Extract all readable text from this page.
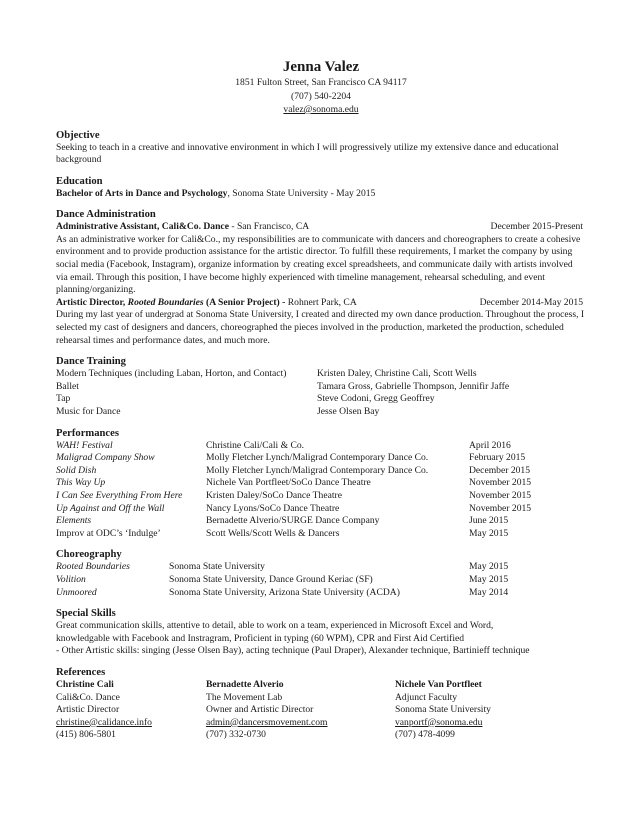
Jenna Valez
1851 Fulton Street, San Francisco CA 94117
(707) 540-2204
valez@sonoma.edu
Objective

Seeking to teach in a creative and innovative environment in which I will progressively utilize my extensive dance and educational background

Education

Bachelor of Arts in Dance and Psychology, Sonoma State University - May 2015

Dance Administration
Administrative Assistant, Cali&Co. Dance - San Francisco, CA	December 2015-Present

As an administrative worker for Cali&Co., my responsibilities are to communicate with dancers and choreographers to create a cohesive environment and to provide production assistance for the artistic director. To fulfill these requirements, I market the company by using social media (Facebook, Instagram), organize information by creating excel spreadsheets, and communicate daily with artists involved via email. Through this position, I have become highly experienced with timeline management, rehearsal scheduling, and event planning/organizing.

Artistic Director, Rooted Boundaries (A Senior Project) - Rohnert Park, CA	December 2014-May 2015

During my last year of undergrad at Sonoma State University, I created and directed my own dance production. Throughout the process, I selected my cast of designers and dancers, choreographed the pieces involved in the production, marketed the production, scheduled rehearsal times and performance dates, and much more.

Dance Training
Modern Techniques (including Laban, Horton, and Contact)	Kristen Daley, Christine Cali, Scott Wells
Ballet	Tamara Gross, Gabrielle Thompson, Jennifir Jaffe
Tap	Steve Codoni, Gregg Geoffrey
Music for Dance	Jesse Olsen Bay
Performances
WAH! Festival	Christine Cali/Cali & Co.	April 2016
Maligrad Company Show	Molly Fletcher Lynch/Maligrad Contemporary Dance Co.	February 2015
Solid Dish	Molly Fletcher Lynch/Maligrad Contemporary Dance Co.	December 2015
This Way Up	Nichele Van Portfleet/SoCo Dance Theatre	November 2015
I Can See Everything From Here	Kristen Daley/SoCo Dance Theatre	November 2015
Up Against and Off the Wall	Nancy Lyons/SoCo Dance Theatre	November 2015
Elements	Bernadette Alverio/SURGE Dance Company	June 2015
Improv at ODC’s ‘Indulge’	Scott Wells/Scott Wells & Dancers	May 2015
Choreography
Rooted Boundaries	Sonoma State University	May 2015
Volition	Sonoma State University, Dance Ground Keriac (SF)	May 2015
Unmoored	Sonoma State University, Arizona State University (ACDA)	May 2014
Special Skills
Great communication skills, attentive to detail, able to work on a team, experienced in Microsoft Excel and Word,
knowledgable with Facebook and Instragram, Proficient in typing (60 WPM), CPR and First Aid Certified
- Other Artistic skills: singing (Jesse Olsen Bay), acting technique (Paul Draper), Alexander technique, Bartinieff technique
References
Christine Cali	Bernadette Alverio	Nichele Van Portfleet
Cali&Co. Dance	The Movement Lab	Adjunct Faculty
Artistic Director	Owner and Artistic Director	Sonoma State University
christine@calidance.info	admin@dancersmovement.com	vanportf@sonoma.edu
(415) 806-5801	(707) 332-0730	(707) 478-4099
